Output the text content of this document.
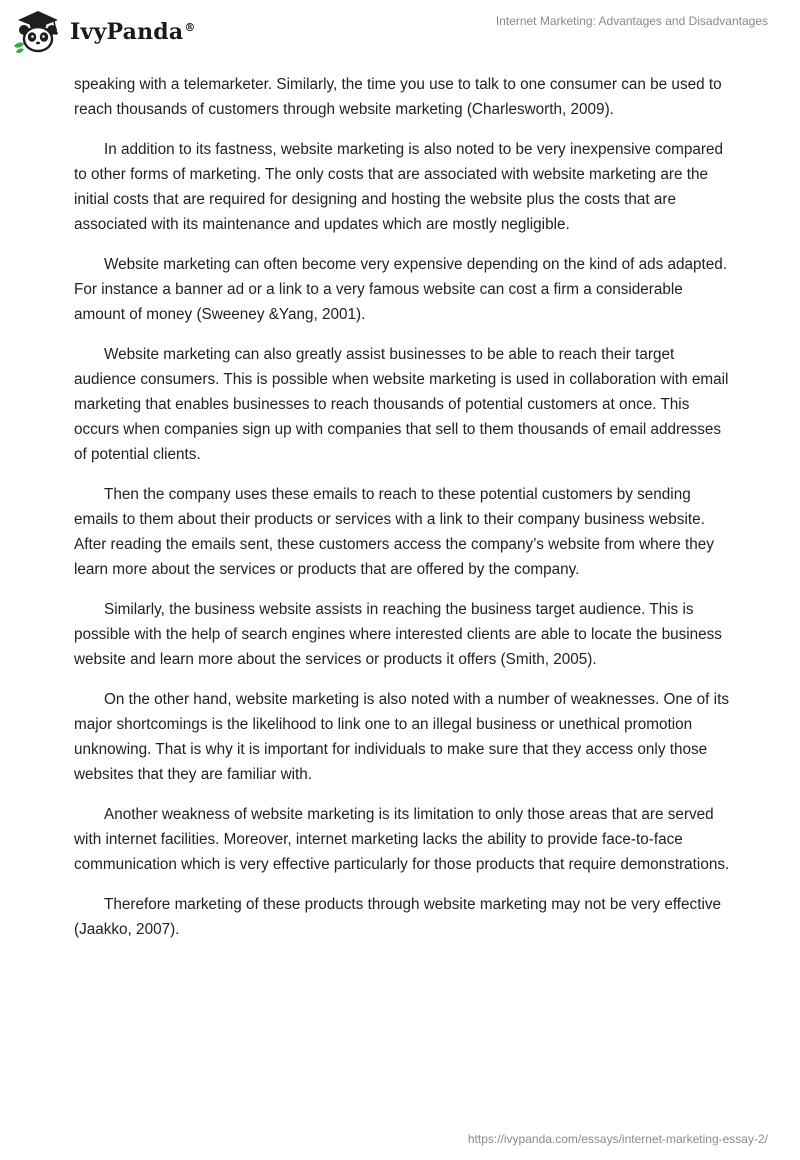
IvyPanda®	Internet Marketing: Advantages and Disadvantages

speaking with a telemarketer. Similarly, the time you use to talk to one consumer can be used to reach thousands of customers through website marketing (Charlesworth, 2009).

In addition to its fastness, website marketing is also noted to be very inexpensive compared to other forms of marketing. The only costs that are associated with website marketing are the initial costs that are required for designing and hosting the website plus the costs that are associated with its maintenance and updates which are mostly negligible.

Website marketing can often become very expensive depending on the kind of ads adapted. For instance a banner ad or a link to a very famous website can cost a firm a considerable amount of money (Sweeney &Yang, 2001).

Website marketing can also greatly assist businesses to be able to reach their target audience consumers. This is possible when website marketing is used in collaboration with email marketing that enables businesses to reach thousands of potential customers at once. This occurs when companies sign up with companies that sell to them thousands of email addresses of potential clients.

Then the company uses these emails to reach to these potential customers by sending emails to them about their products or services with a link to their company business website. After reading the emails sent, these customers access the company’s website from where they learn more about the services or products that are offered by the company.

Similarly, the business website assists in reaching the business target audience. This is possible with the help of search engines where interested clients are able to locate the business website and learn more about the services or products it offers (Smith, 2005).

On the other hand, website marketing is also noted with a number of weaknesses. One of its major shortcomings is the likelihood to link one to an illegal business or unethical promotion unknowing. That is why it is important for individuals to make sure that they access only those websites that they are familiar with.

Another weakness of website marketing is its limitation to only those areas that are served with internet facilities. Moreover, internet marketing lacks the ability to provide face-to-face communication which is very effective particularly for those products that require demonstrations.

Therefore marketing of these products through website marketing may not be very effective (Jaakko, 2007).

https://ivypanda.com/essays/internet-marketing-essay-2/
